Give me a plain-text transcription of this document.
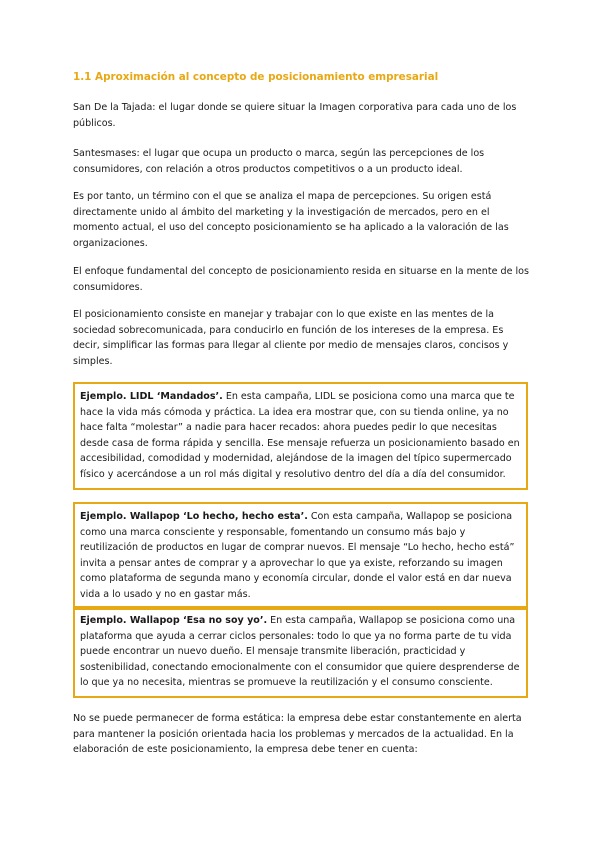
1.1 Aproximación al concepto de posicionamiento empresarial

San De la Tajada: el lugar donde se quiere situar la Imagen corporativa para cada uno de los públicos.

Santesmases: el lugar que ocupa un producto o marca, según las percepciones de los consumidores, con relación a otros productos competitivos o a un producto ideal.

Es por tanto, un término con el que se analiza el mapa de percepciones. Su origen está directamente unido al ámbito del marketing y la investigación de mercados, pero en el momento actual, el uso del concepto posicionamiento se ha aplicado a la valoración de las organizaciones.

El enfoque fundamental del concepto de posicionamiento resida en situarse en la mente de los consumidores.

El posicionamiento consiste en manejar y trabajar con lo que existe en las mentes de la sociedad sobrecomunicada, para conducirlo en función de los intereses de la empresa. Es decir, simplificar las formas para llegar al cliente por medio de mensajes claros, concisos y simples.

Ejemplo. LIDL ‘Mandados’. En esta campaña, LIDL se posiciona como una marca que te hace la vida más cómoda y práctica. La idea era mostrar que, con su tienda online, ya no hace falta “molestar” a nadie para hacer recados: ahora puedes pedir lo que necesitas desde casa de forma rápida y sencilla. Ese mensaje refuerza un posicionamiento basado en accesibilidad, comodidad y modernidad, alejándose de la imagen del típico supermercado físico y acercándose a un rol más digital y resolutivo dentro del día a día del consumidor.
Ejemplo. Wallapop ‘Lo hecho, hecho esta’. Con esta campaña, Wallapop se posiciona como una marca consciente y responsable, fomentando un consumo más bajo y reutilización de productos en lugar de comprar nuevos. El mensaje “Lo hecho, hecho está” invita a pensar antes de comprar y a aprovechar lo que ya existe, reforzando su imagen como plataforma de segunda mano y economía circular, donde el valor está en dar nueva vida a lo usado y no en gastar más.
Ejemplo. Wallapop ‘Esa no soy yo’. En esta campaña, Wallapop se posiciona como una plataforma que ayuda a cerrar ciclos personales: todo lo que ya no forma parte de tu vida puede encontrar un nuevo dueño. El mensaje transmite liberación, practicidad y sostenibilidad, conectando emocionalmente con el consumidor que quiere desprenderse de lo que ya no necesita, mientras se promueve la reutilización y el consumo consciente.

No se puede permanecer de forma estática: la empresa debe estar constantemente en alerta para mantener la posición orientada hacia los problemas y mercados de la actualidad. En la elaboración de este posicionamiento, la empresa debe tener en cuenta:
